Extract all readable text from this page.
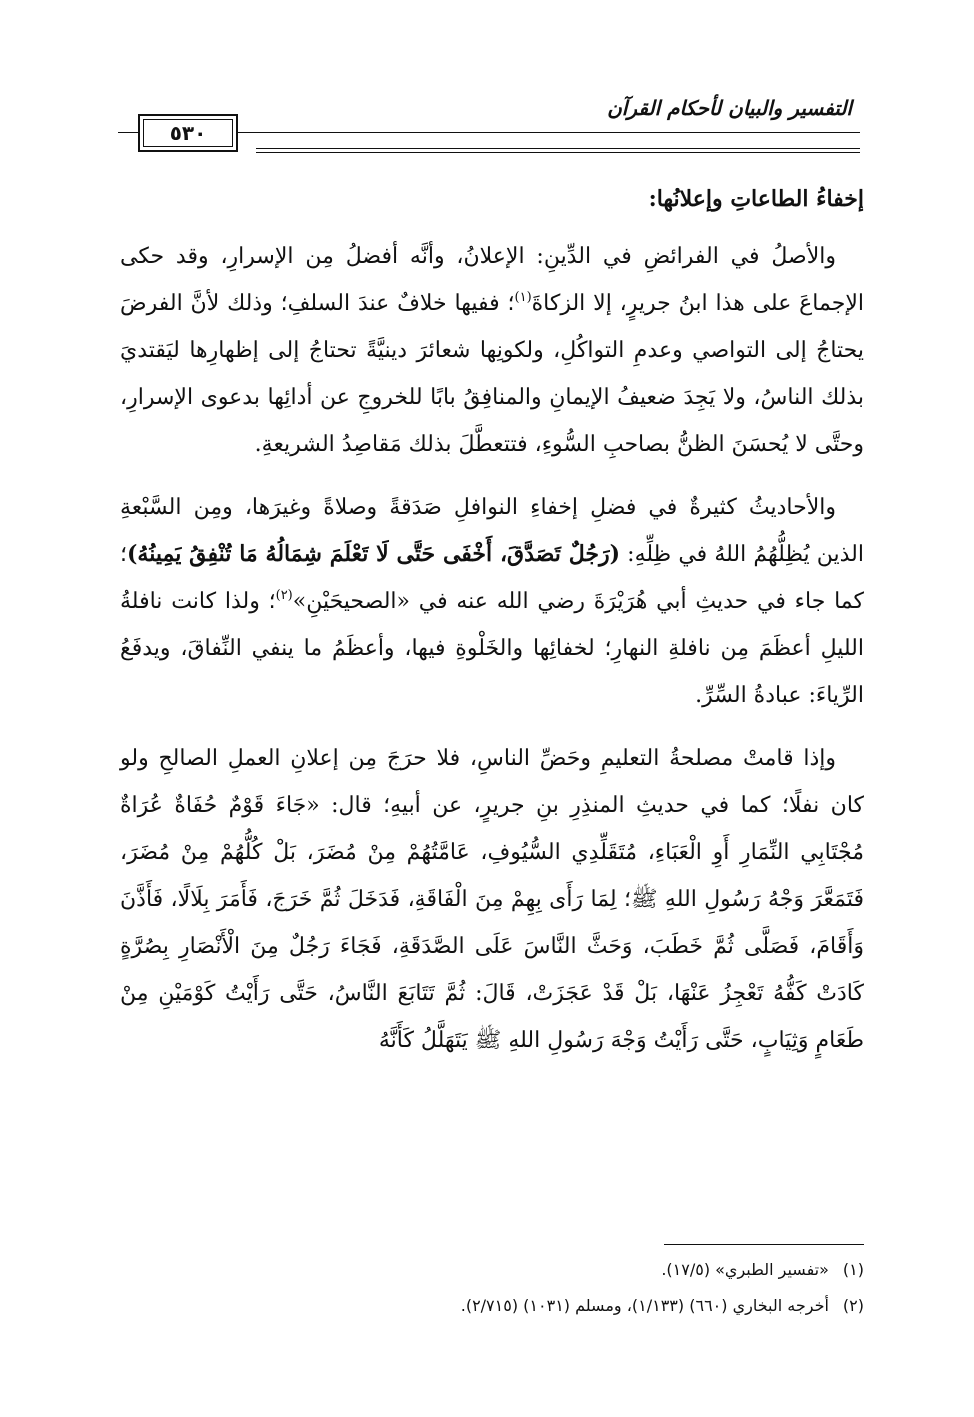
التفسير والبيان لأحكام القرآن
٥٣٠
إخفاءُ الطاعاتِ وإعلانُها:

والأصلُ في الفرائضِ في الدِّينِ: الإعلانُ، وأنَّه أفضلُ مِن الإسرارِ، وقد حكى الإجماعَ على هذا ابنُ جريرٍ، إلا الزكاةَ$^{(١)}$؛ ففيها خلافٌ عندَ السلفِ؛ وذلك لأنَّ الفرضَ يحتاجُ إلى التواصي وعدمِ التواكُلِ، ولكونِها شعائرَ دينيَّةً تحتاجُ إلى إظهارِها ليَقتديَ بذلك الناسُ، ولا يَجِدَ ضعيفُ الإيمانِ والمنافِقُ بابًا للخروجِ عن أدائِها بدعوى الإسرارِ، وحتَّى لا يُحسَنَ الظنُّ بصاحبِ السُّوءِ، فتتعطَّلَ بذلك مَقاصِدُ الشريعةِ.

والأحاديثُ كثيرةٌ في فضلِ إخفاءِ النوافلِ صَدَقةً وصلاةً وغيرَها، ومِن السَّبْعةِ الذين يُظِلُّهُمُ اللهُ في ظِلِّهِ: (رَجُلٌ تَصَدَّقَ، أَخْفَى حَتَّى لَا تَعْلَمَ شِمَالُهُ مَا تُنْفِقُ يَمِينُهُ)؛ كما جاء في حديثِ أبي هُرَيْرَةَ رضي الله عنه في «الصحيحَيْنِ»$^{(٢)}$؛ ولذا كانت نافلةُ الليلِ أعظَمَ مِن نافلةِ النهارِ؛ لخفائِها والخَلْوةِ فيها، وأعظَمُ ما ينفي النِّفاقَ، ويدفَعُ الرِّياءَ: عبادةُ السِّرِّ.

وإذا قامتْ مصلحةُ التعليمِ وحَضِّ الناسِ، فلا حرَجَ مِن إعلانِ العملِ الصالحِ ولو كان نفلًا؛ كما في حديثِ المنذِرِ بنِ جريرٍ، عن أبيهِ؛ قال: «جَاءَ قَوْمٌ حُفَاةٌ عُرَاةٌ مُجْتَابِي النِّمَارِ أَوِ الْعَبَاءِ، مُتَقَلِّدِي السُّيُوفِ، عَامَّتُهُمْ مِنْ مُضَرَ، بَلْ كُلُّهُمْ مِنْ مُضَرَ، فَتَمَعَّرَ وَجْهُ رَسُولِ اللهِ ﷺ؛ لِمَا رَأَى بِهِمْ مِنَ الْفَاقَةِ، فَدَخَلَ ثُمَّ خَرَجَ، فَأَمَرَ بِلَالًا، فَأَذَّنَ وَأَقَامَ، فَصَلَّى ثُمَّ خَطَبَ، وَحَثَّ النَّاسَ عَلَى الصَّدَقَةِ، فَجَاءَ رَجُلٌ مِنَ الْأَنْصَارِ بِصُرَّةٍ كَادَتْ كَفُّهُ تَعْجِزُ عَنْهَا، بَلْ قَدْ عَجَزَتْ، قَالَ: ثُمَّ تَتَابَعَ النَّاسُ، حَتَّى رَأَيْتُ كَوْمَيْنِ مِنْ طَعَامٍ وَثِيَابٍ، حَتَّى رَأَيْتُ وَجْهَ رَسُولِ اللهِ ﷺ يَتَهَلَّلُ كَأَنَّهُ

(١)«تفسير الطبري» (١٧/٥).
(٢)أخرجه البخاري (٦٦٠) (١/١٣٣)، ومسلم (١٠٣١) (٢/٧١٥).
